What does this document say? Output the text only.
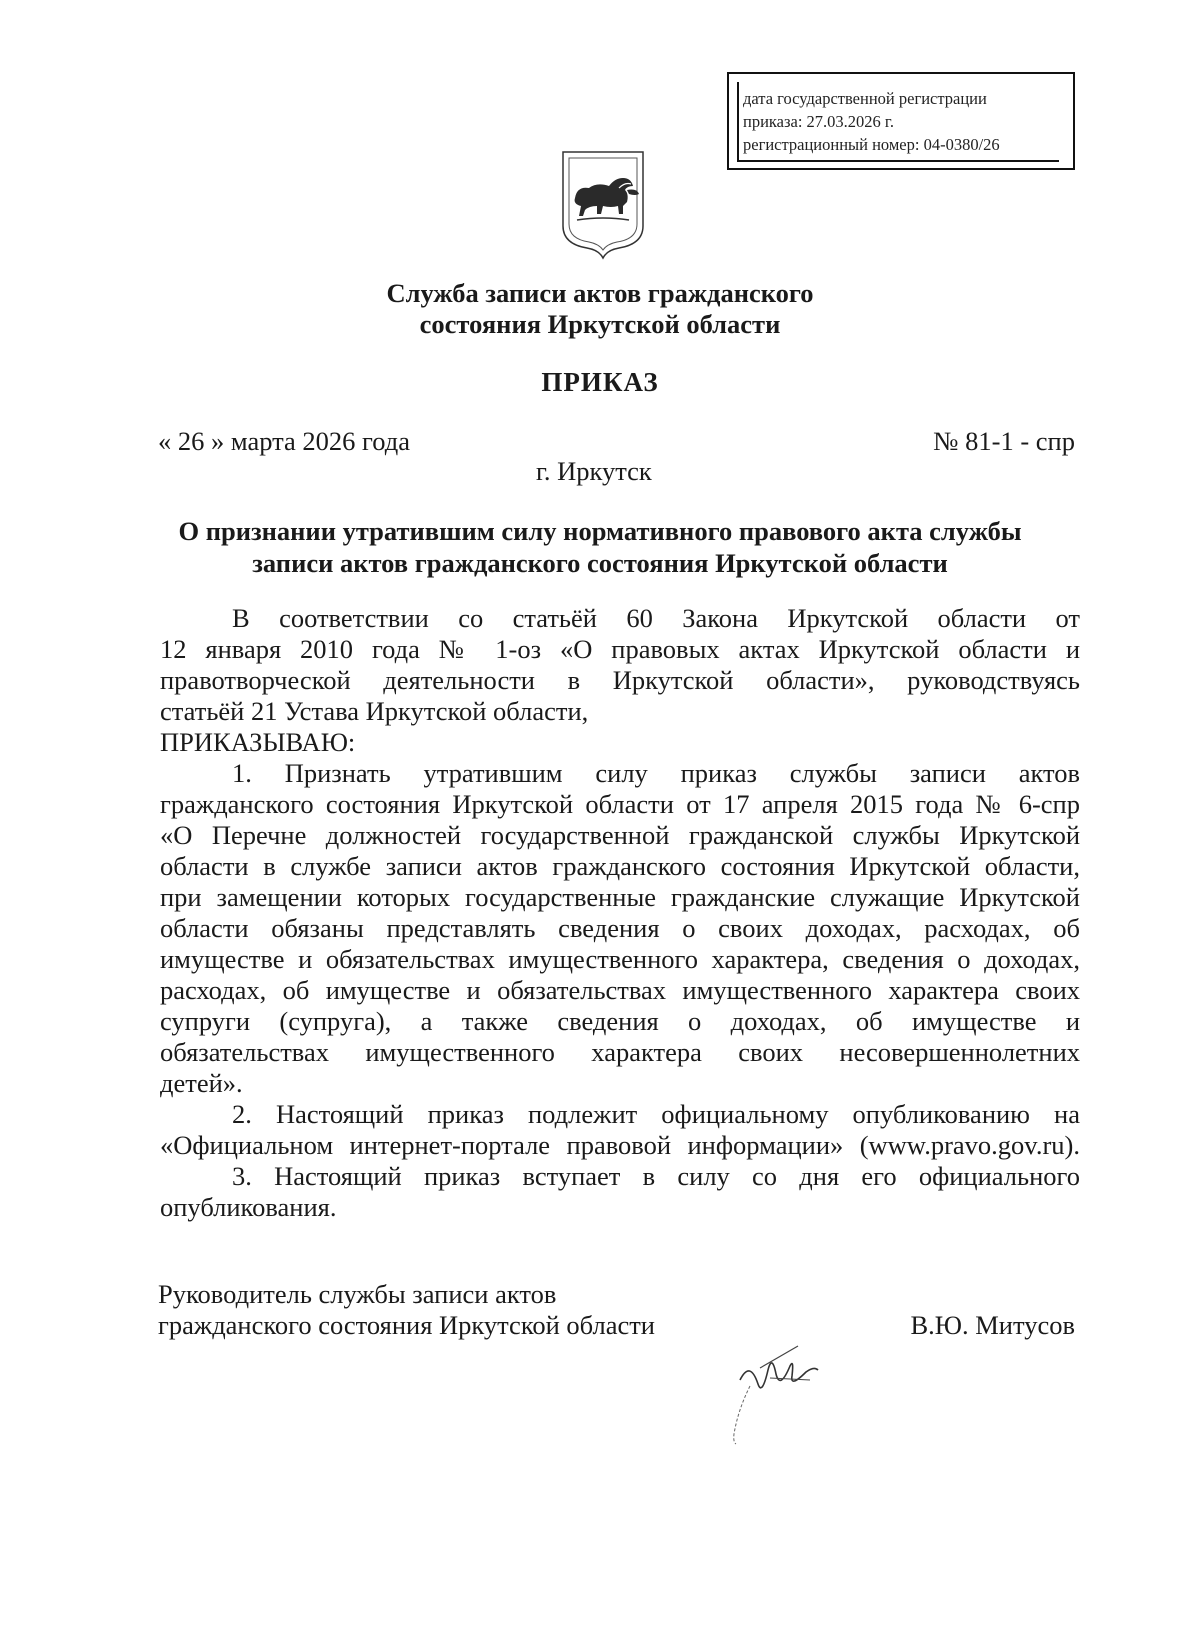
дата государственной регистрации
приказа: 27.03.2026 г.
регистрационный номер: 04-0380/26
Служба записи актов гражданского
состояния Иркутской области
ПРИКАЗ
« 26 » марта 2026 года	№ 81-1 - спр
г. Иркутск
О признании утратившим силу нормативного правового акта службы
записи актов гражданского состояния Иркутской области
В соответствии со статьёй 60 Закона Иркутской области от
12 января 2010 года № 1-оз «О правовых актах Иркутской области и
правотворческой деятельности в Иркутской области», руководствуясь
статьёй 21 Устава Иркутской области,
ПРИКАЗЫВАЮ:
1. Признать утратившим силу приказ службы записи актов
гражданского состояния Иркутской области от 17 апреля 2015 года № 6-спр
«О Перечне должностей государственной гражданской службы Иркутской
области в службе записи актов гражданского состояния Иркутской области,
при замещении которых государственные гражданские служащие Иркутской
области обязаны представлять сведения о своих доходах, расходах, об
имуществе и обязательствах имущественного характера, сведения о доходах,
расходах, об имуществе и обязательствах имущественного характера своих
супруги (супруга), а также сведения о доходах, об имуществе и
обязательствах имущественного характера своих несовершеннолетних
детей».
2. Настоящий приказ подлежит официальному опубликованию на
«Официальном интернет-портале правовой информации» (www.pravo.gov.ru).
3. Настоящий приказ вступает в силу со дня его официального
опубликования.
Руководитель службы записи актов
гражданского состояния Иркутской области	В.Ю. Митусов
